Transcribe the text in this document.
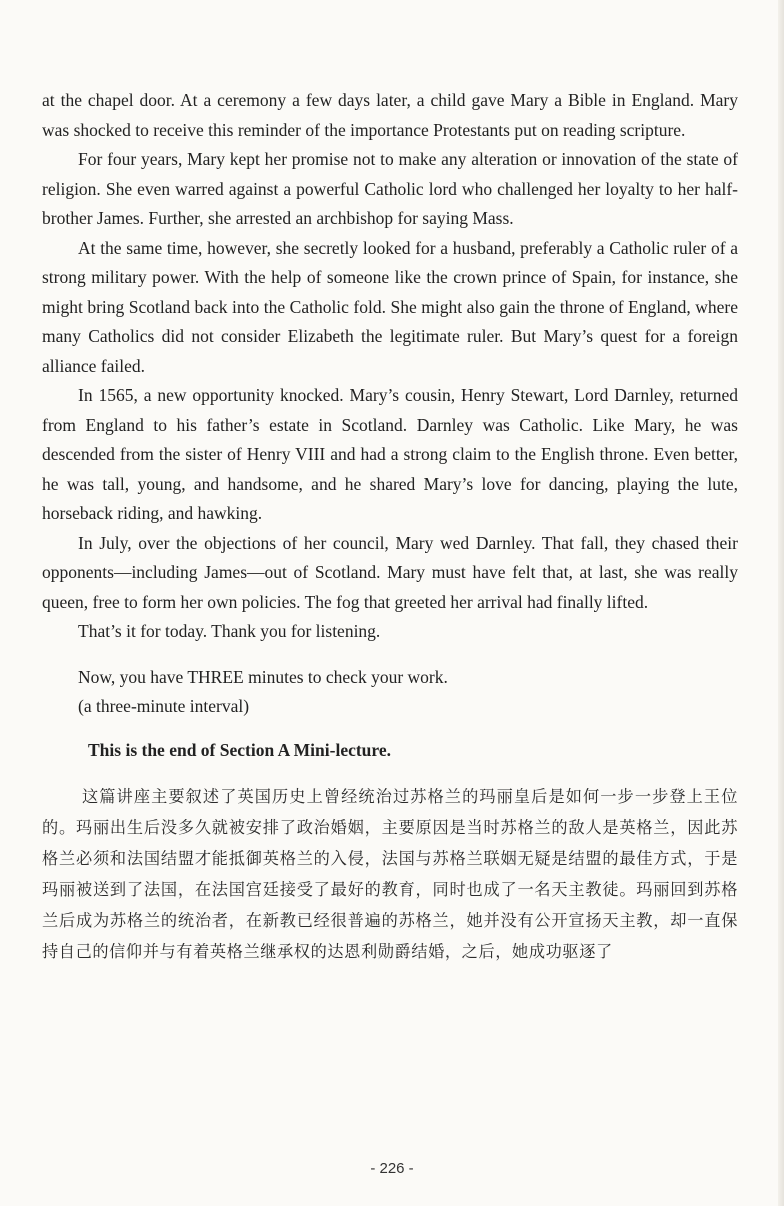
at the chapel door. At a ceremony a few days later, a child gave Mary a Bible in England. Mary was shocked to receive this reminder of the importance Protestants put on reading scripture.

For four years, Mary kept her promise not to make any alteration or innovation of the state of religion. She even warred against a powerful Catholic lord who challenged her loyalty to her half-brother James. Further, she arrested an archbishop for saying Mass.

At the same time, however, she secretly looked for a husband, preferably a Catholic ruler of a strong military power. With the help of someone like the crown prince of Spain, for instance, she might bring Scotland back into the Catholic fold. She might also gain the throne of England, where many Catholics did not consider Elizabeth the legitimate ruler. But Mary’s quest for a foreign alliance failed.

In 1565, a new opportunity knocked. Mary’s cousin, Henry Stewart, Lord Darnley, returned from England to his father’s estate in Scotland. Darnley was Catholic. Like Mary, he was descended from the sister of Henry VIII and had a strong claim to the English throne. Even better, he was tall, young, and handsome, and he shared Mary’s love for dancing, playing the lute, horseback riding, and hawking.

In July, over the objections of her council, Mary wed Darnley. That fall, they chased their opponents—including James—out of Scotland. Mary must have felt that, at last, she was really queen, free to form her own policies. The fog that greeted her arrival had finally lifted.

That’s it for today. Thank you for listening.

Now, you have THREE minutes to check your work.

(a three-minute interval)

This is the end of Section A Mini-lecture.

这篇讲座主要叙述了英国历史上曾经统治过苏格兰的玛丽皇后是如何一步一步登上王位的。玛丽出生后没多久就被安排了政治婚姻，主要原因是当时苏格兰的敌人是英格兰，因此苏格兰必须和法国结盟才能抵御英格兰的入侵，法国与苏格兰联姻无疑是结盟的最佳方式，于是玛丽被送到了法国，在法国宫廷接受了最好的教育，同时也成了一名天主教徒。玛丽回到苏格兰后成为苏格兰的统治者，在新教已经很普遍的苏格兰，她并没有公开宣扬天主教，却一直保持自己的信仰并与有着英格兰继承权的达恩利勋爵结婚，之后，她成功驱逐了

- 226 -
